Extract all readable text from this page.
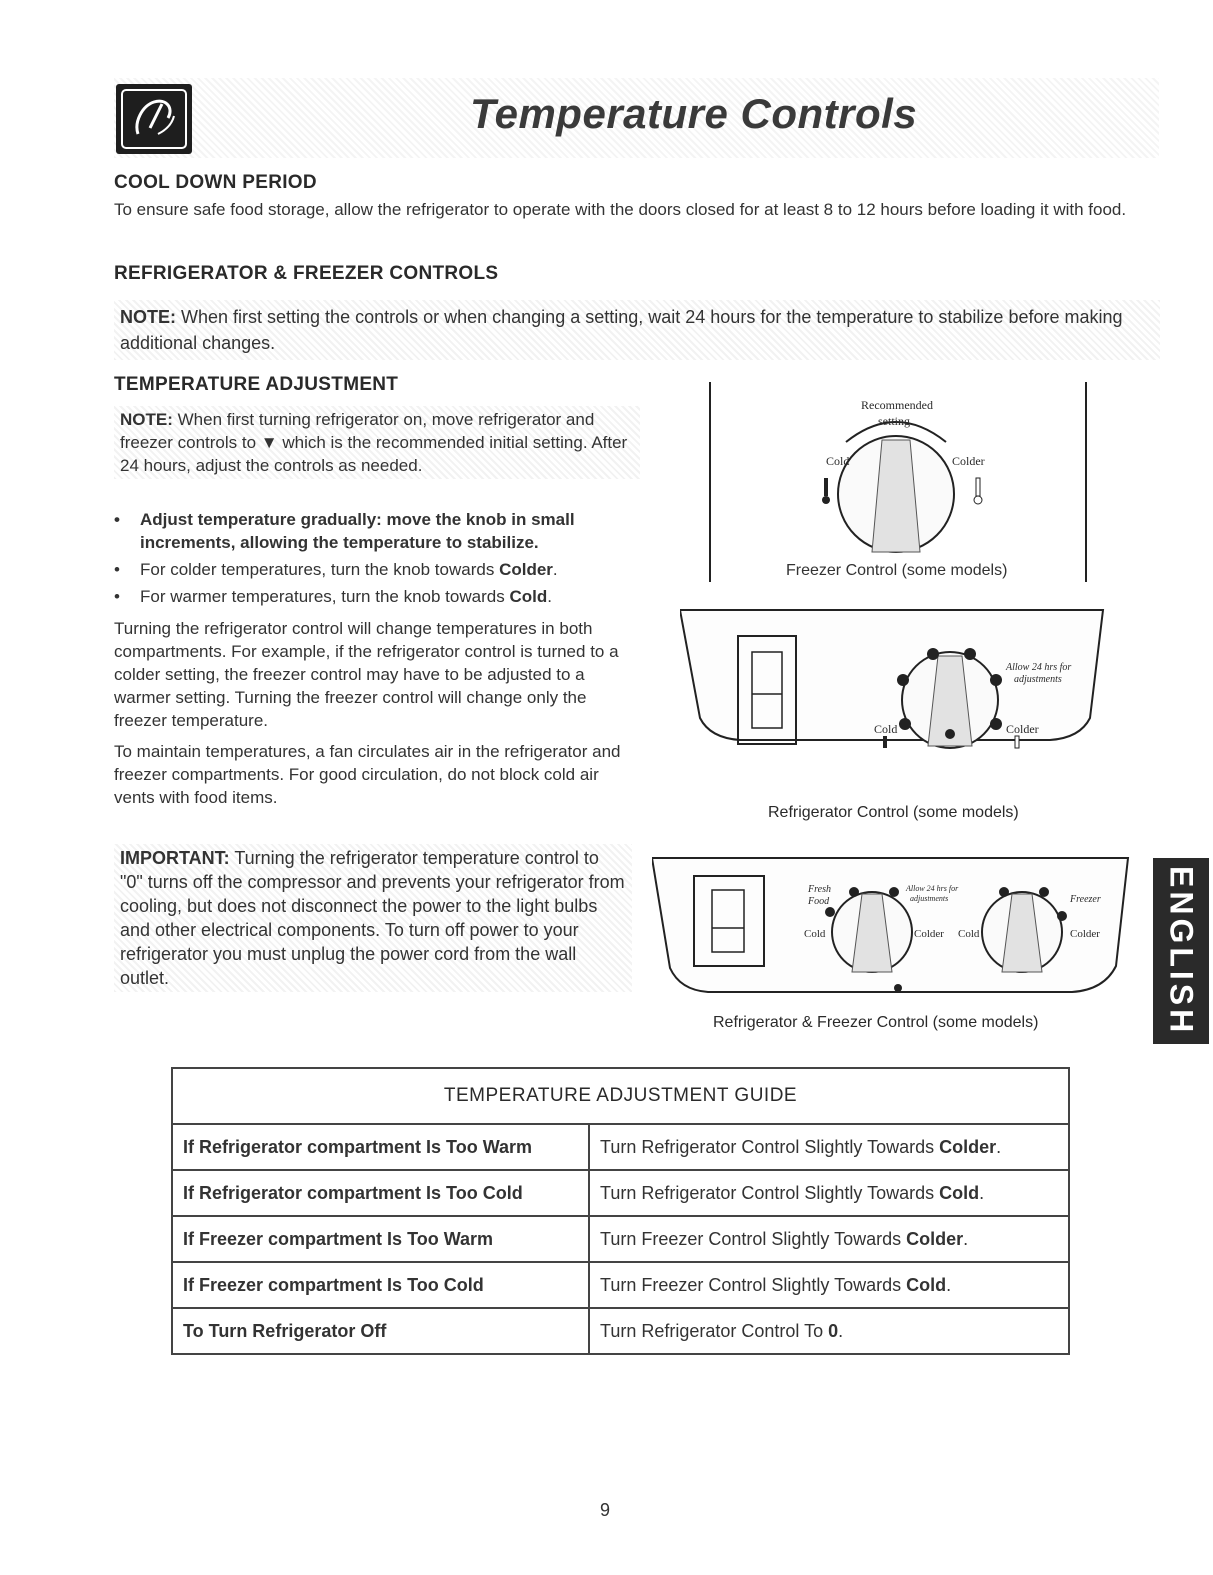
Temperature Controls
COOL DOWN PERIOD
To ensure safe food storage, allow the refrigerator to operate with the doors closed for at least 8 to 12 hours before loading it with food.
REFRIGERATOR & FREEZER CONTROLS
NOTE: When first setting the controls or when changing a setting, wait 24 hours for the temperature to stabilize before making additional changes.
TEMPERATURE ADJUSTMENT
NOTE: When first turning refrigerator on, move refrigerator and freezer controls to ▼ which is the recommended initial setting. After 24 hours, adjust the controls as needed.
• Adjust temperature gradually: move the knob in small increments, allowing the temperature to stabilize.
• For colder temperatures, turn the knob towards Colder.
• For warmer temperatures, turn the knob towards Cold.
Turning the refrigerator control will change temperatures in both compartments. For example, if the refrigerator control is turned to a colder setting, the freezer control may have to be adjusted to a warmer setting. Turning the freezer control will change only the freezer temperature.
To maintain temperatures, a fan circulates air in the refrigerator and freezer compartments. For good circulation, do not block cold air vents with food items.
IMPORTANT: Turning the refrigerator temperature control to "0" turns off the compressor and prevents your refrigerator from cooling, but does not disconnect the power to the light bulbs and other electrical components. To turn off power to your refrigerator you must unplug the power cord from the wall outlet.
Recommended
setting
Cold	Colder
Freezer Control (some models)
Allow 24 hrs for
adjustments
Cold	Colder
Refrigerator Control (some models)
Fresh
Food
Allow 24 hrs for
adjustments	Freezer
Cold	Colder Cold	Colder
Refrigerator & Freezer Control (some models)
TEMPERATURE ADJUSTMENT GUIDE	
If Refrigerator compartment Is Too Warm	Turn Refrigerator Control Slightly Towards Colder.
If Refrigerator compartment Is Too Cold	Turn Refrigerator Control Slightly Towards Cold.
If Freezer compartment Is Too Warm	Turn Freezer Control Slightly Towards Colder.
If Freezer compartment Is Too Cold	Turn Freezer Control Slightly Towards Cold.
To Turn Refrigerator Off	Turn Refrigerator Control To 0.
ENGLISH
9
